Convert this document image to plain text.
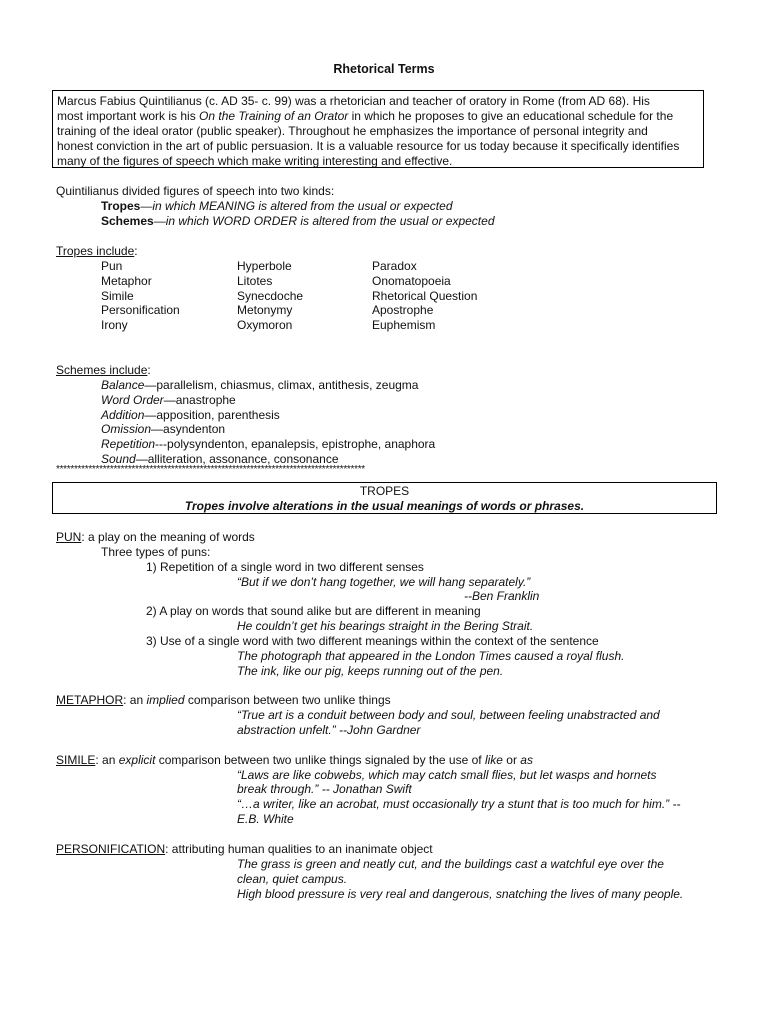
Rhetorical Terms

Marcus Fabius Quintilianus (c. AD 35- c. 99) was a rhetorician and teacher of oratory in Rome (from AD 68). His

most important work is his On the Training of an Orator in which he proposes to give an educational schedule for the

training of the ideal orator (public speaker). Throughout he emphasizes the importance of personal integrity and

honest conviction in the art of public persuasion. It is a valuable resource for us today because it specifically identifies

many of the figures of speech which make writing interesting and effective.

Quintilianus divided figures of speech into two kinds:
Tropes—in which MEANING is altered from the usual or expected
Schemes—in which WORD ORDER is altered from the usual or expected
Tropes include:
Pun
Metaphor
Simile
Personification
Irony
Hyperbole
Litotes
Synecdoche
Metonymy
Oxymoron
Paradox
Onomatopoeia
Rhetorical Question
Apostrophe
Euphemism
Schemes include:
Balance—parallelism, chiasmus, climax, antithesis, zeugma
Word Order—anastrophe
Addition—apposition, parenthesis
Omission—asyndenton
Repetition---polysyndenton, epanalepsis, epistrophe, anaphora
Sound—alliteration, assonance, consonance
**************************************************************************************
TROPES
Tropes involve alterations in the usual meanings of words or phrases.
PUN: a play on the meaning of words
Three types of puns:
1) Repetition of a single word in two different senses
“But if we don’t hang together, we will hang separately.”
--Ben Franklin
2) A play on words that sound alike but are different in meaning
He couldn’t get his bearings straight in the Bering Strait.
3) Use of a single word with two different meanings within the context of the sentence
The photograph that appeared in the London Times caused a royal flush.
The ink, like our pig, keeps running out of the pen.
METAPHOR: an implied comparison between two unlike things
“True art is a conduit between body and soul, between feeling unabstracted and
abstraction unfelt.” --John Gardner
SIMILE: an explicit comparison between two unlike things signaled by the use of like or as
“Laws are like cobwebs, which may catch small flies, but let wasps and hornets
break through.” -- Jonathan Swift
“…a writer, like an acrobat, must occasionally try a stunt that is too much for him.” --
E.B. White
PERSONIFICATION: attributing human qualities to an inanimate object
The grass is green and neatly cut, and the buildings cast a watchful eye over the
clean, quiet campus.
High blood pressure is very real and dangerous, snatching the lives of many people.
